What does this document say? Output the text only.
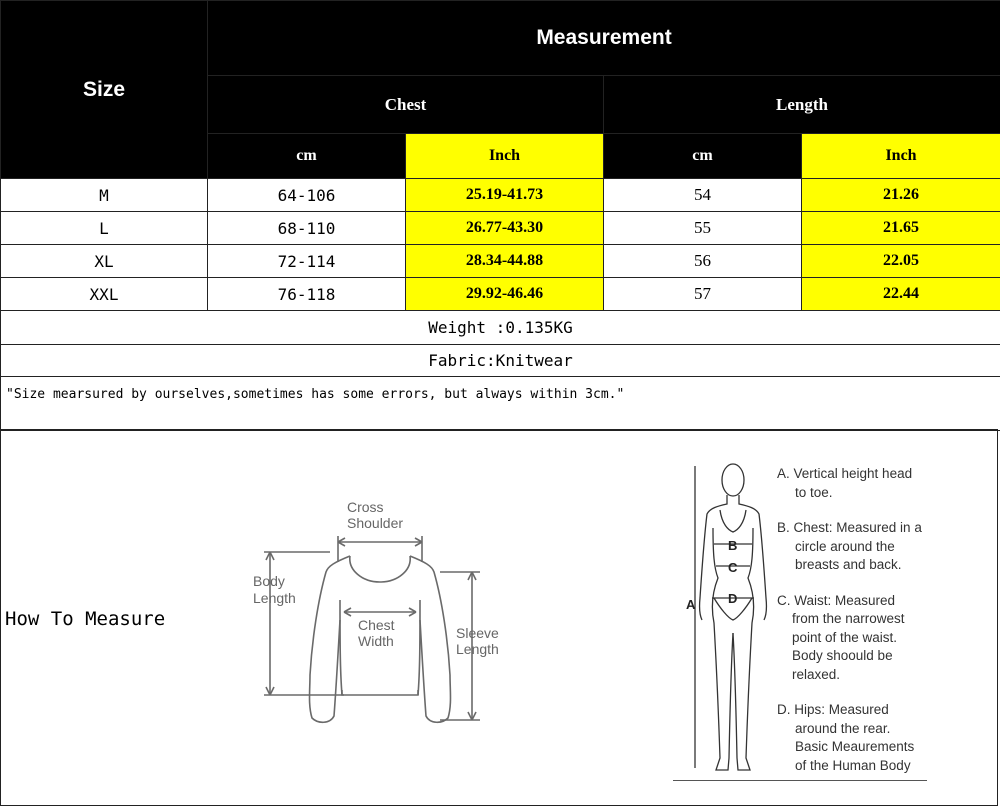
Size	Measurement			
	Chest		Length	
	cm	Inch	cm	Inch
M	64-106	25.19-41.73	54	21.26
L	68-110	26.77-43.30	55	21.65
XL	72-114	28.34-44.88	56	22.05
XXL	76-118	29.92-46.46	57	22.44
Weight :0.135KG				
Fabric:Knitwear				
"Size mearsured by ourselves,sometimes has some errors, but always within 3cm."				
How To Measure
Cross
Shoulder
Body
Length
Chest
Width	Sleeve
Length
B
C
D
A
A. Vertical height head
to toe.
B. Chest: Measured in a
circle around the
breasts and back.
C. Waist: Measured
from the narrowest
point of the waist.
Body shoould be
relaxed.
D. Hips: Measured
around the rear.
Basic Meaurements
of the Human Body
